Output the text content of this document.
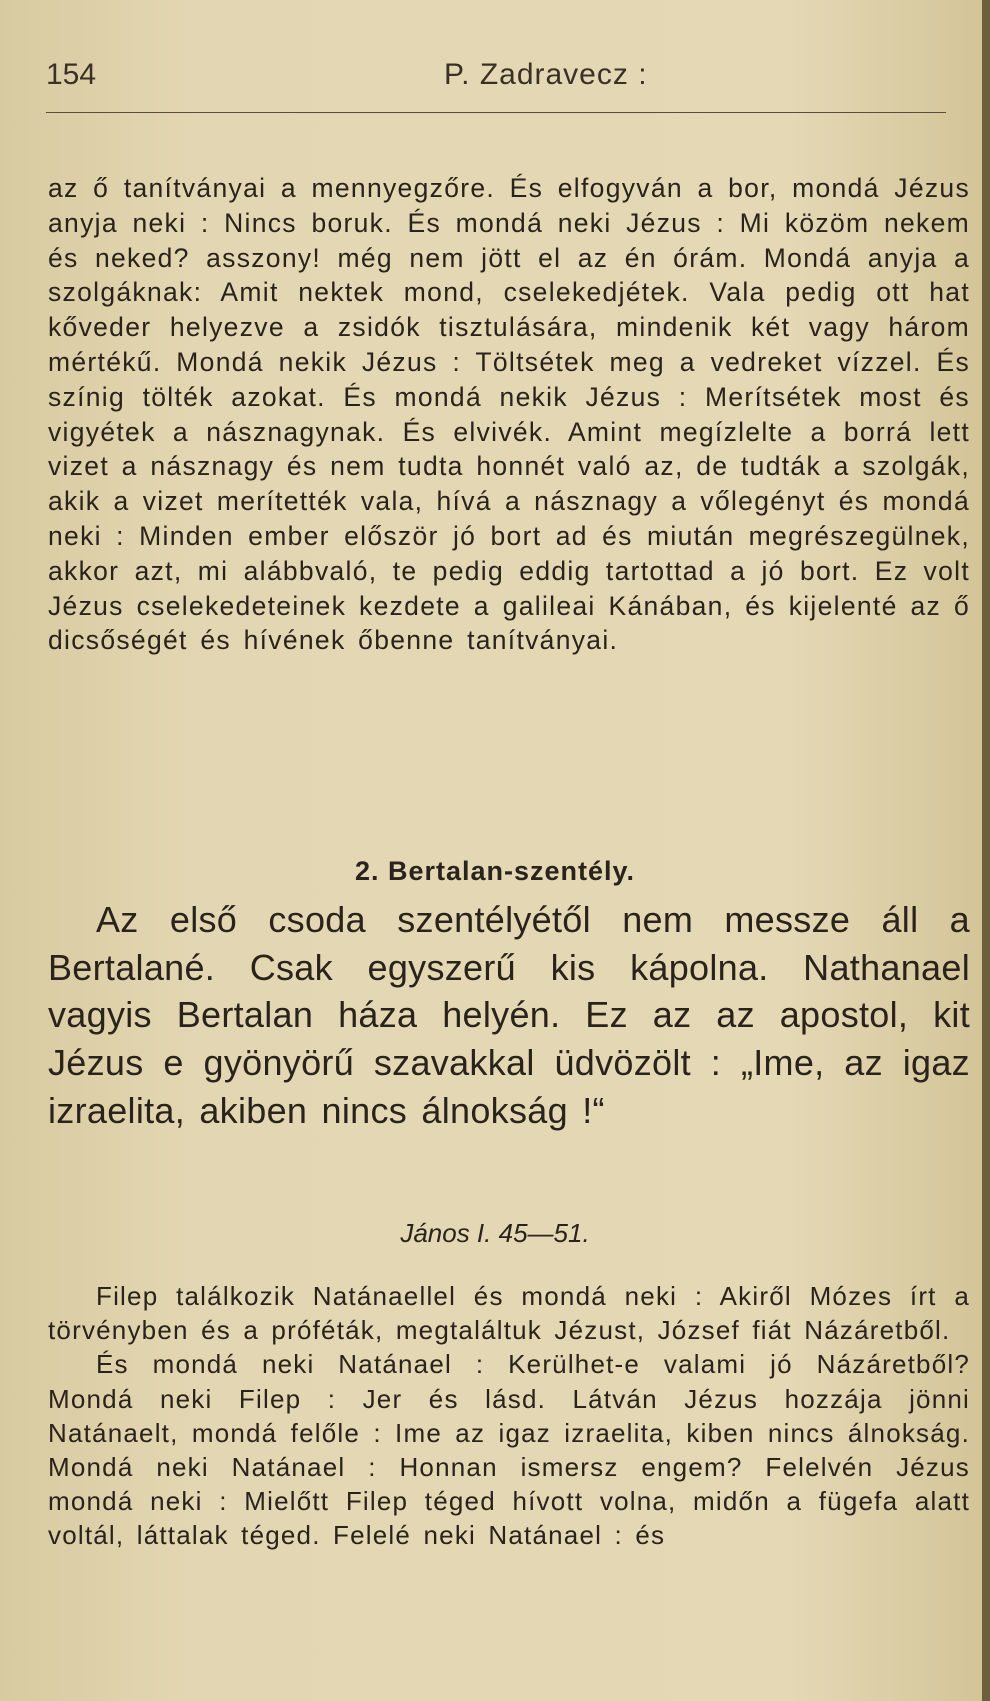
154	P. Zadravecz :

az ő tanítványai a mennyegzőre. És elfogyván a bor, mondá Jézus anyja neki : Nincs boruk. És mondá neki Jézus : Mi közöm nekem és neked? asszony! még nem jött el az én órám. Mondá anyja a szolgáknak: Amit nektek mond, cselekedjétek. Vala pedig ott hat kőveder helyezve a zsidók tisztulására, mindenik két vagy három mértékű. Mondá nekik Jézus : Töltsétek meg a vedreket vízzel. És színig tölték azokat. És mondá nekik Jézus : Merítsétek most és vigyétek a násznagynak. És elvivék. Amint megízlelte a borrá lett vizet a násznagy és nem tudta honnét való az, de tudták a szolgák, akik a vizet merítették vala, hívá a násznagy a vőlegényt és mondá neki : Minden ember először jó bort ad és miután megrészegülnek, akkor azt, mi alábbvaló, te pedig eddig tartottad a jó bort. Ez volt Jézus cselekedeteinek kezdete a galileai Kánában, és kijelenté az ő dicsőségét és hívének őbenne tanítványai.

2. Bertalan-szentély.

Az első csoda szentélyétől nem messze áll a Bertalané. Csak egyszerű kis kápolna. Nathanael vagyis Bertalan háza helyén. Ez az az apostol, kit Jézus e gyönyörű szavakkal üdvözölt : „Ime, az igaz izraelita, akiben nincs álnokság !“

János I. 45—51.
Filep találkozik Natánaellel és mondá neki : Akiről Mózes írt a törvényben és a próféták, megtaláltuk Jézust, József fiát Názáretből.
És mondá neki Natánael : Kerülhet-e valami jó Názáretből? Mondá neki Filep : Jer és lásd. Látván Jézus hozzája jönni Natánaelt, mondá felőle : Ime az igaz izraelita, kiben nincs álnokság. Mondá neki Natánael : Honnan ismersz engem? Felelvén Jézus mondá neki : Mielőtt Filep téged hívott volna, midőn a fügefa alatt voltál, láttalak téged. Felelé neki Natánael : és
